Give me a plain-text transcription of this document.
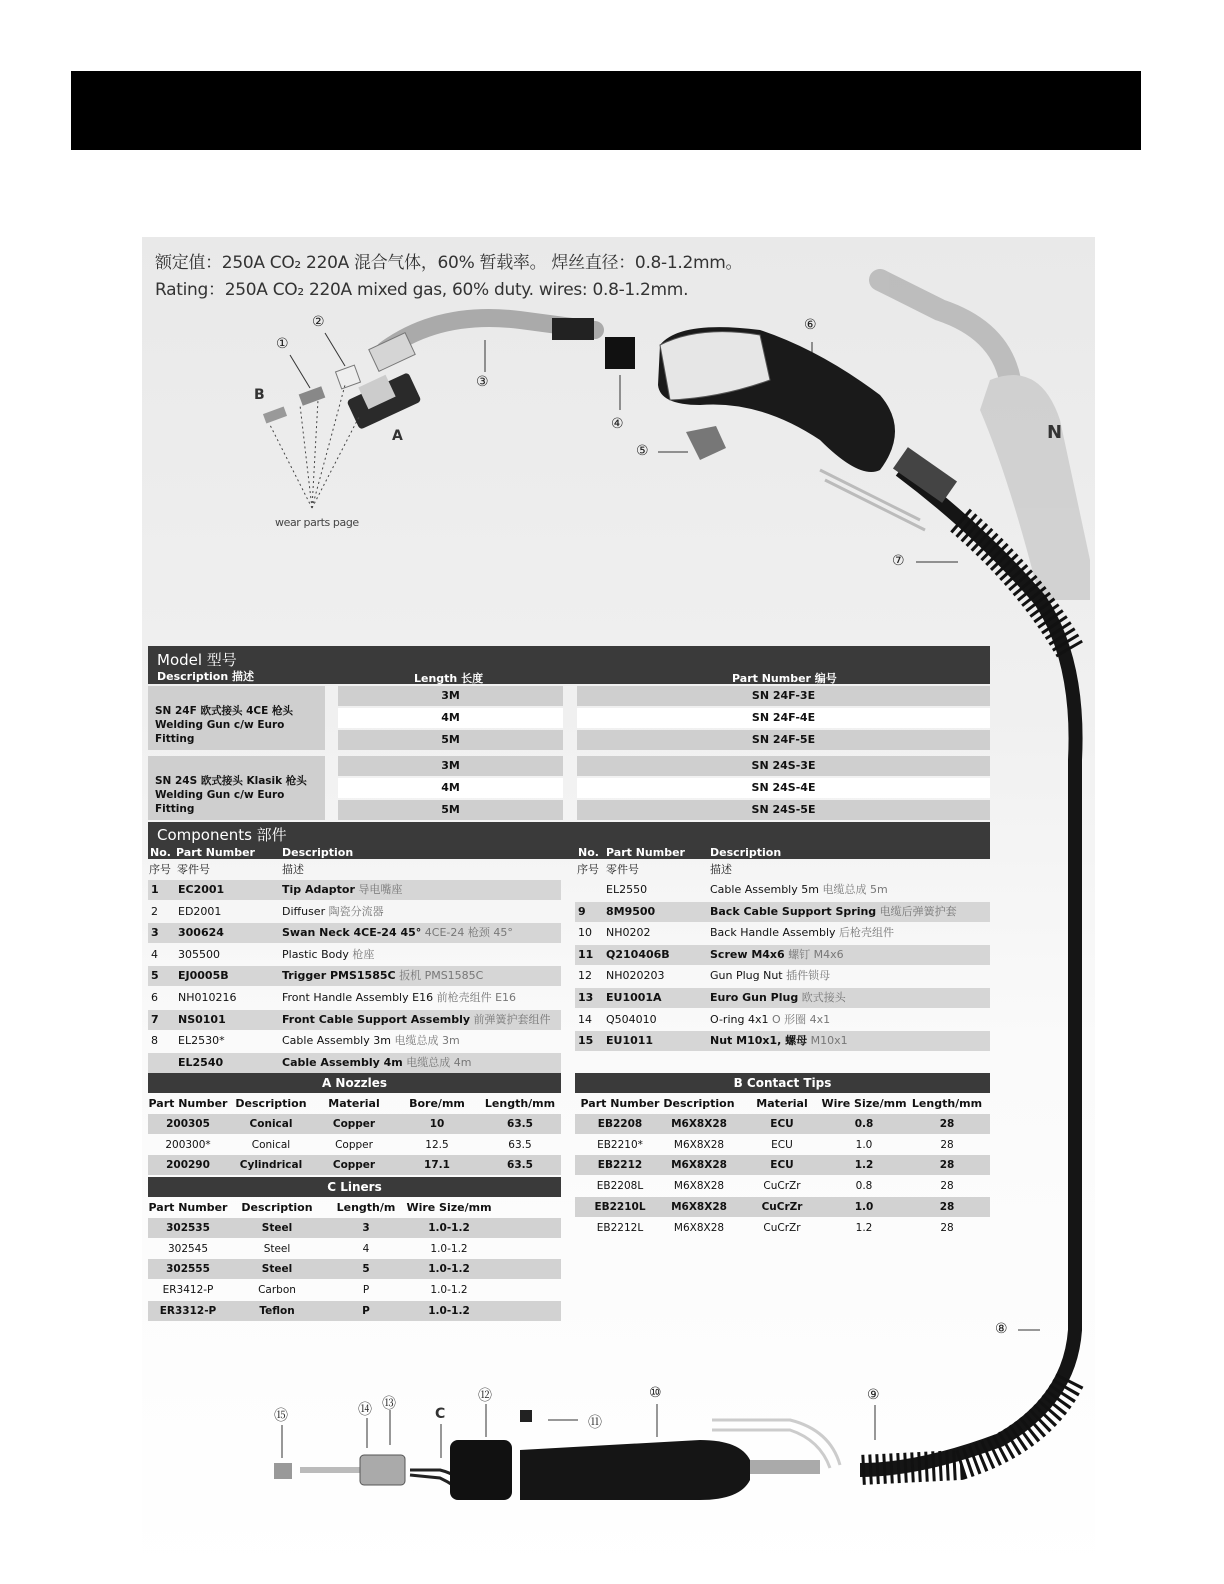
额定值：250A CO₂ 220A 混合气体，60% 暂载率。 焊丝直径：0.8-1.2mm。
Rating：250A CO₂ 220A mixed gas, 60% duty. wires: 0.8-1.2mm.
①
②
③
④
⑤
⑥
⑦
⑧
⑨
⑩
⑪
⑫
⑬
⑭
⑮
A
B
C
N
wear parts page
Model 型号
Description 描述	Length 长度	Part Number 编号
SN 24F 欧式接头 4CE 枪头
Welding Gun c/w Euro Fitting
3M	SN 24F-3E
4M	SN 24F-4E
5M	SN 24F-5E
SN 24S 欧式接头 Klasik 枪头
Welding Gun c/w Euro Fitting
3M	SN 24S-3E
4M	SN 24S-4E
5M	SN 24S-5E
Components 部件
No. Part Number Description	No. Part Number Description
序号 零件号	描述	序号 零件号	描述
1 EC2001	Tip Adaptor 导电嘴座
2 ED2001	Diffuser 陶瓷分流器
3 300624	Swan Neck 4CE-24 45° 4CE-24 枪颈 45°
4 305500	Plastic Body 枪座
5 EJ0005B	Trigger PMS1585C 扳机 PMS1585C
6 NH010216	Front Handle Assembly E16 前枪壳组件 E16
7 NS0101	Front Cable Support Assembly 前弹簧护套组件
8 EL2530*	Cable Assembly 3m 电缆总成 3m
EL2540	Cable Assembly 4m 电缆总成 4m
EL2550	Cable Assembly 5m 电缆总成 5m
9 8M9500	Back Cable Support Spring 电缆后弹簧护套
10 NH0202	Back Handle Assembly 后枪壳组件
11 Q210406B	Screw M4x6 螺钉 M4x6
12 NH020203	Gun Plug Nut 插件锁母
13 EU1001A	Euro Gun Plug 欧式接头
14 Q504010	O-ring 4x1 O 形圈 4x1
15 EU1011	Nut M10x1, 螺母 M10x1
A Nozzles
Part Number Description	Material	Bore/mm	Length/mm
200305	Conical	Copper	10	63.5
200300*	Conical	Copper	12.5	63.5
200290	Cylindrical	Copper	17.1	63.5
C Liners
Part Number	Description	Length/m	Wire Size/mm
302535	Steel	3	1.0-1.2
302545	Steel	4	1.0-1.2
302555	Steel	5	1.0-1.2
ER3412-P	Carbon	P	1.0-1.2
ER3312-P	Teflon	P	1.0-1.2
B Contact Tips
Part Number Description	Material	Wire Size/mm Length/mm
EB2208	M6X8X28	ECU	0.8	28
EB2210*	M6X8X28	ECU	1.0	28
EB2212	M6X8X28	ECU	1.2	28
EB2208L	M6X8X28	CuCrZr	0.8	28
EB2210L	M6X8X28	CuCrZr	1.0	28
EB2212L	M6X8X28	CuCrZr	1.2	28
